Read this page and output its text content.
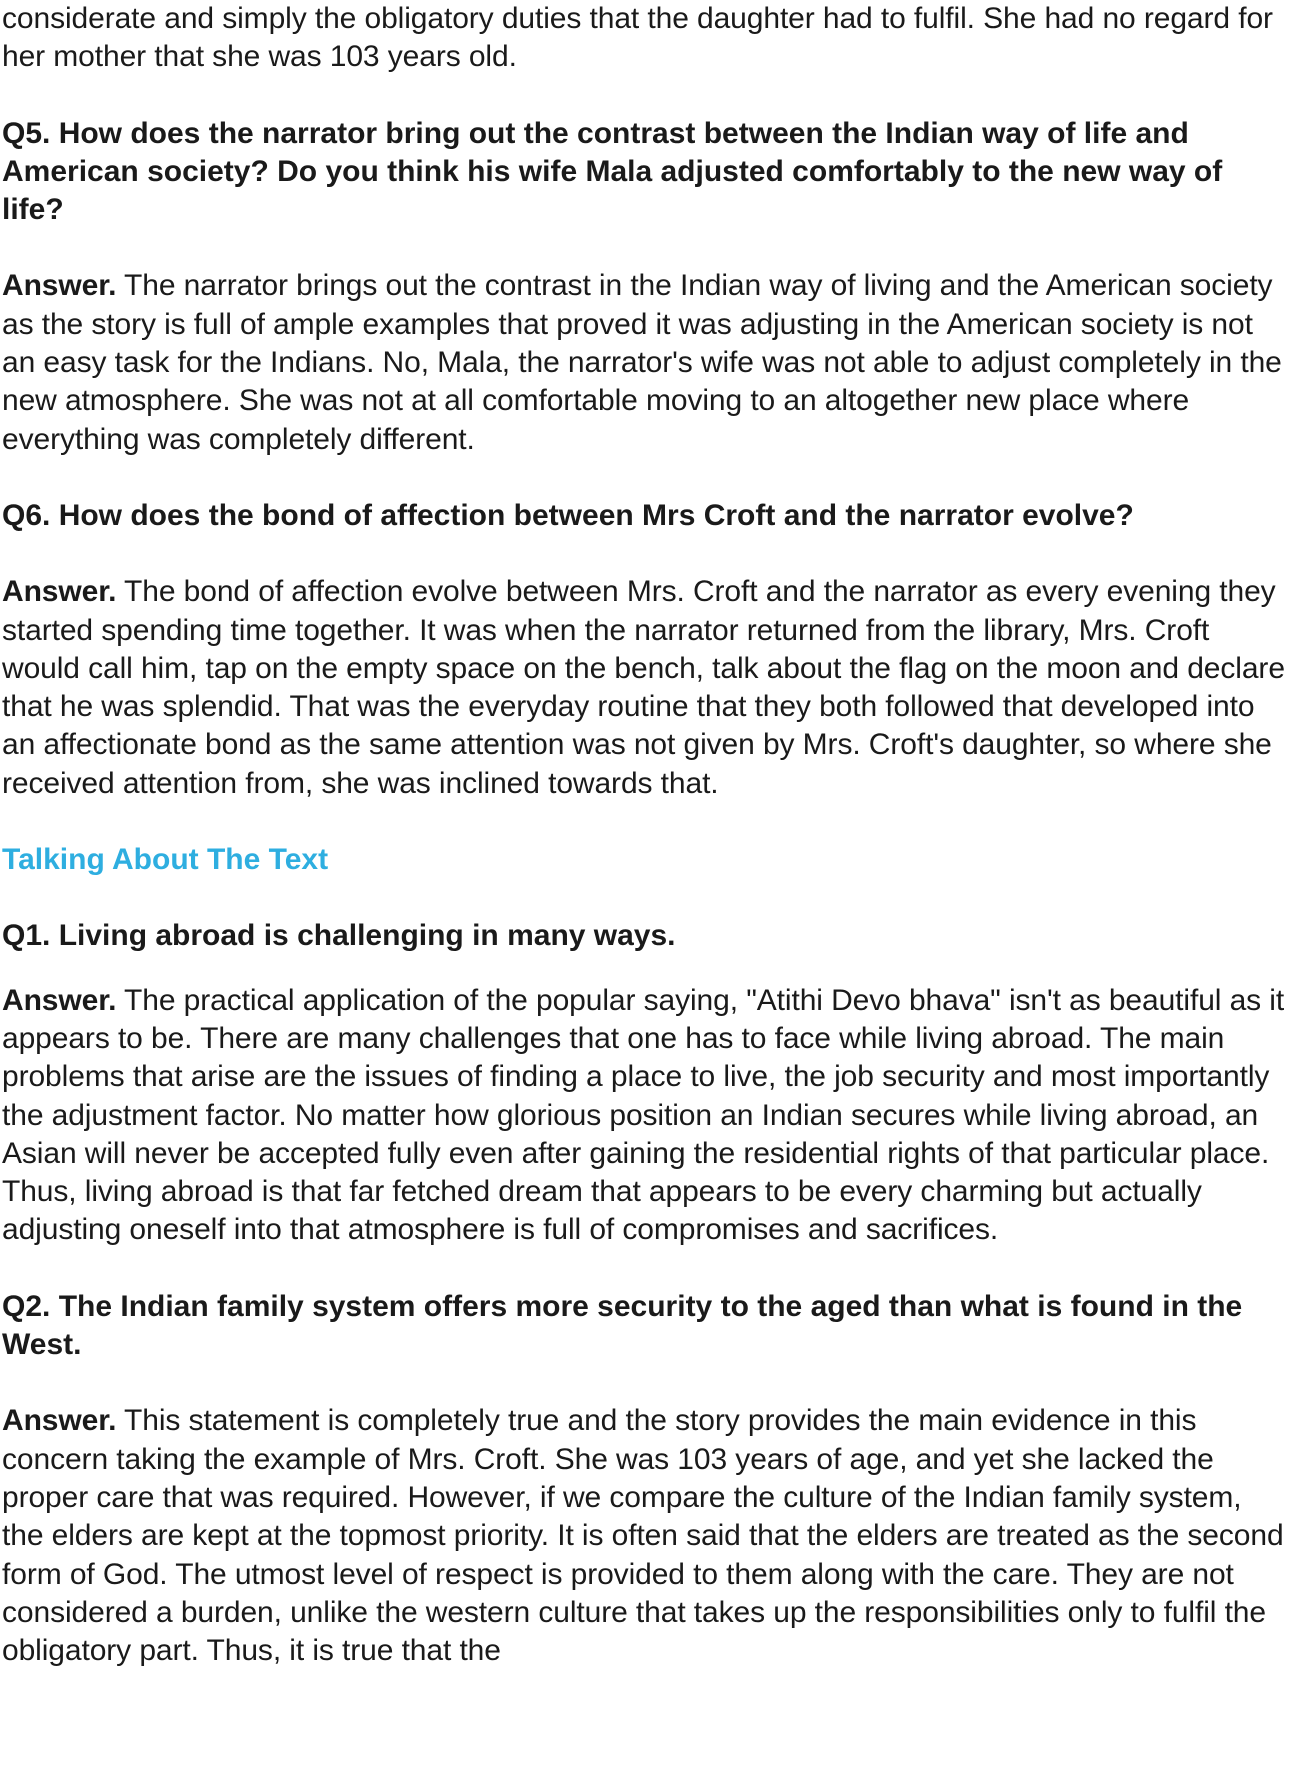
considerate and simply the obligatory duties that the daughter had to fulfil. She had no regard for her mother that she was 103 years old.

Q5. How does the narrator bring out the contrast between the Indian way of life and American society? Do you think his wife Mala adjusted comfortably to the new way of life?

Answer. The narrator brings out the contrast in the Indian way of living and the American society as the story is full of ample examples that proved it was adjusting in the American society is not an easy task for the Indians. No, Mala, the narrator's wife was not able to adjust completely in the new atmosphere. She was not at all comfortable moving to an altogether new place where everything was completely different.

Q6. How does the bond of affection between Mrs Croft and the narrator evolve?

Answer. The bond of affection evolve between Mrs. Croft and the narrator as every evening they started spending time together. It was when the narrator returned from the library, Mrs. Croft would call him, tap on the empty space on the bench, talk about the flag on the moon and declare that he was splendid. That was the everyday routine that they both followed that developed into an affectionate bond as the same attention was not given by Mrs. Croft's daughter, so where she received attention from, she was inclined towards that.

Talking About The Text

Q1. Living abroad is challenging in many ways.

Answer. The practical application of the popular saying, "Atithi Devo bhava" isn't as beautiful as it appears to be. There are many challenges that one has to face while living abroad. The main problems that arise are the issues of finding a place to live, the job security and most importantly the adjustment factor. No matter how glorious position an Indian secures while living abroad, an Asian will never be accepted fully even after gaining the residential rights of that particular place. Thus, living abroad is that far fetched dream that appears to be every charming but actually adjusting oneself into that atmosphere is full of compromises and sacrifices.

Q2. The Indian family system offers more security to the aged than what is found in the West.

Answer. This statement is completely true and the story provides the main evidence in this concern taking the example of Mrs. Croft. She was 103 years of age, and yet she lacked the proper care that was required. However, if we compare the culture of the Indian family system, the elders are kept at the topmost priority. It is often said that the elders are treated as the second form of God. The utmost level of respect is provided to them along with the care. They are not considered a burden, unlike the western culture that takes up the responsibilities only to fulfil the obligatory part. Thus, it is true that the
